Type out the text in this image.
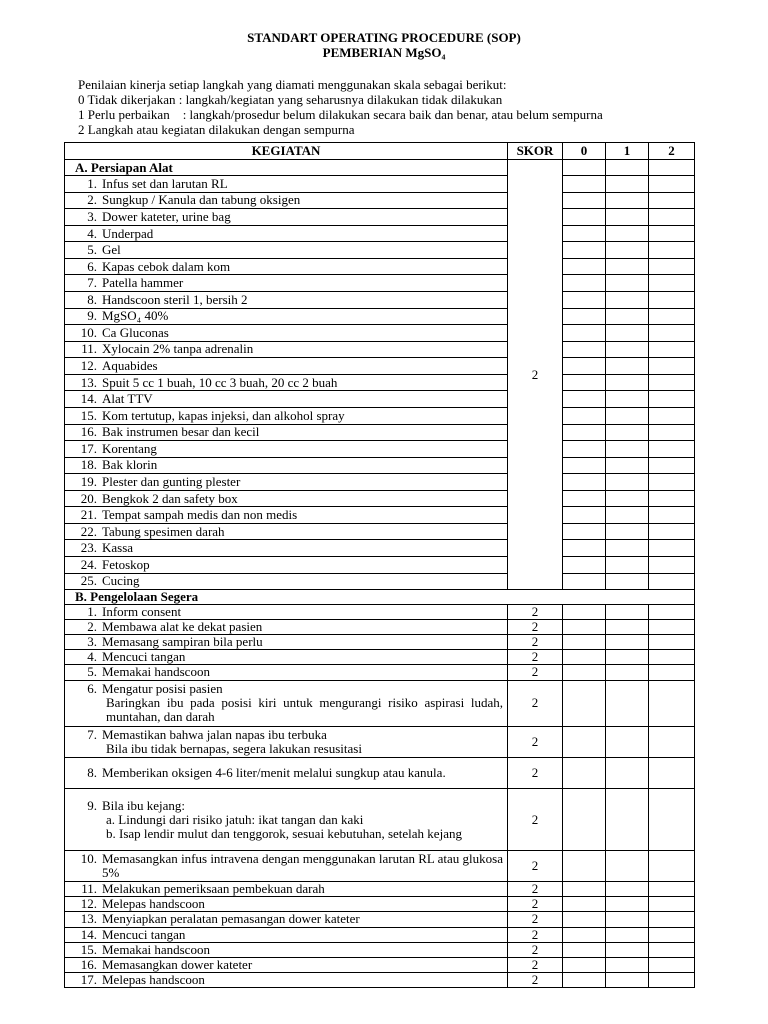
STANDART OPERATING PROCEDURE (SOP)
PEMBERIAN MgSO₄
Penilaian kinerja setiap langkah yang diamati menggunakan skala sebagai berikut:
0 Tidak dikerjakan : langkah/kegiatan yang seharusnya dilakukan tidak dilakukan
1 Perlu perbaikan    : langkah/prosedur belum dilakukan secara baik dan benar, atau belum sempurna
2 Langkah atau kegiatan dilakukan dengan sempurna
KEGIATAN	SKOR	0	1	2
A. Persiapan Alat	2			
1. Infus set dan larutan RL				
2. Sungkup / Kanula dan tabung oksigen				
3. Dower kateter, urine bag				
4. Underpad				
5. Gel				
6. Kapas cebok dalam kom				
7. Patella hammer				
8. Handscoon steril 1, bersih 2				
9. MgSO₄ 40%				
10. Ca Gluconas				
11. Xylocain 2% tanpa adrenalin				
12. Aquabides				
13. Spuit 5 cc 1 buah, 10 cc 3 buah, 20 cc 2 buah				
14. Alat TTV				
15. Kom tertutup, kapas injeksi, dan alkohol spray				
16. Bak instrumen besar dan kecil				
17. Korentang				
18. Bak klorin				
19. Plester dan gunting plester				
20. Bengkok 2 dan safety box				
21. Tempat sampah medis dan non medis				
22. Tabung spesimen darah				
23. Kassa				
24. Fetoskop				
25. Cucing				
B. Pengelolaan Segera				

1. Inform consent	2			

2. Membawa alat ke dekat pasien	2			

3. Memasang sampiran bila perlu	2			

4. Mencuci tangan	2			

5. Memakai handscoon	2			

6. Mengatur posisi pasien
Baringkan ibu pada posisi kiri untuk mengurangi risiko aspirasi ludah, muntahan, dan darah	2			

7. Memastikan bahwa jalan napas ibu terbuka
Bila ibu tidak bernapas, segera lakukan resusitasi	2			

8. Memberikan oksigen 4-6 liter/menit melalui sungkup atau kanula.	2			

9. Bila ibu kejang:
a. Lindungi dari risiko jatuh: ikat tangan dan kaki
b. Isap lendir mulut dan tenggorok, sesuai kebutuhan, setelah kejang	2			

10. Memasangkan infus intravena dengan menggunakan larutan RL atau glukosa 5%	2			

11. Melakukan pemeriksaan pembekuan darah	2			

12. Melepas handscoon	2			

13. Menyiapkan peralatan pemasangan dower kateter	2			

14. Mencuci tangan	2			

15. Memakai handscoon	2			

16. Memasangkan dower kateter	2			

17. Melepas handscoon	2			
